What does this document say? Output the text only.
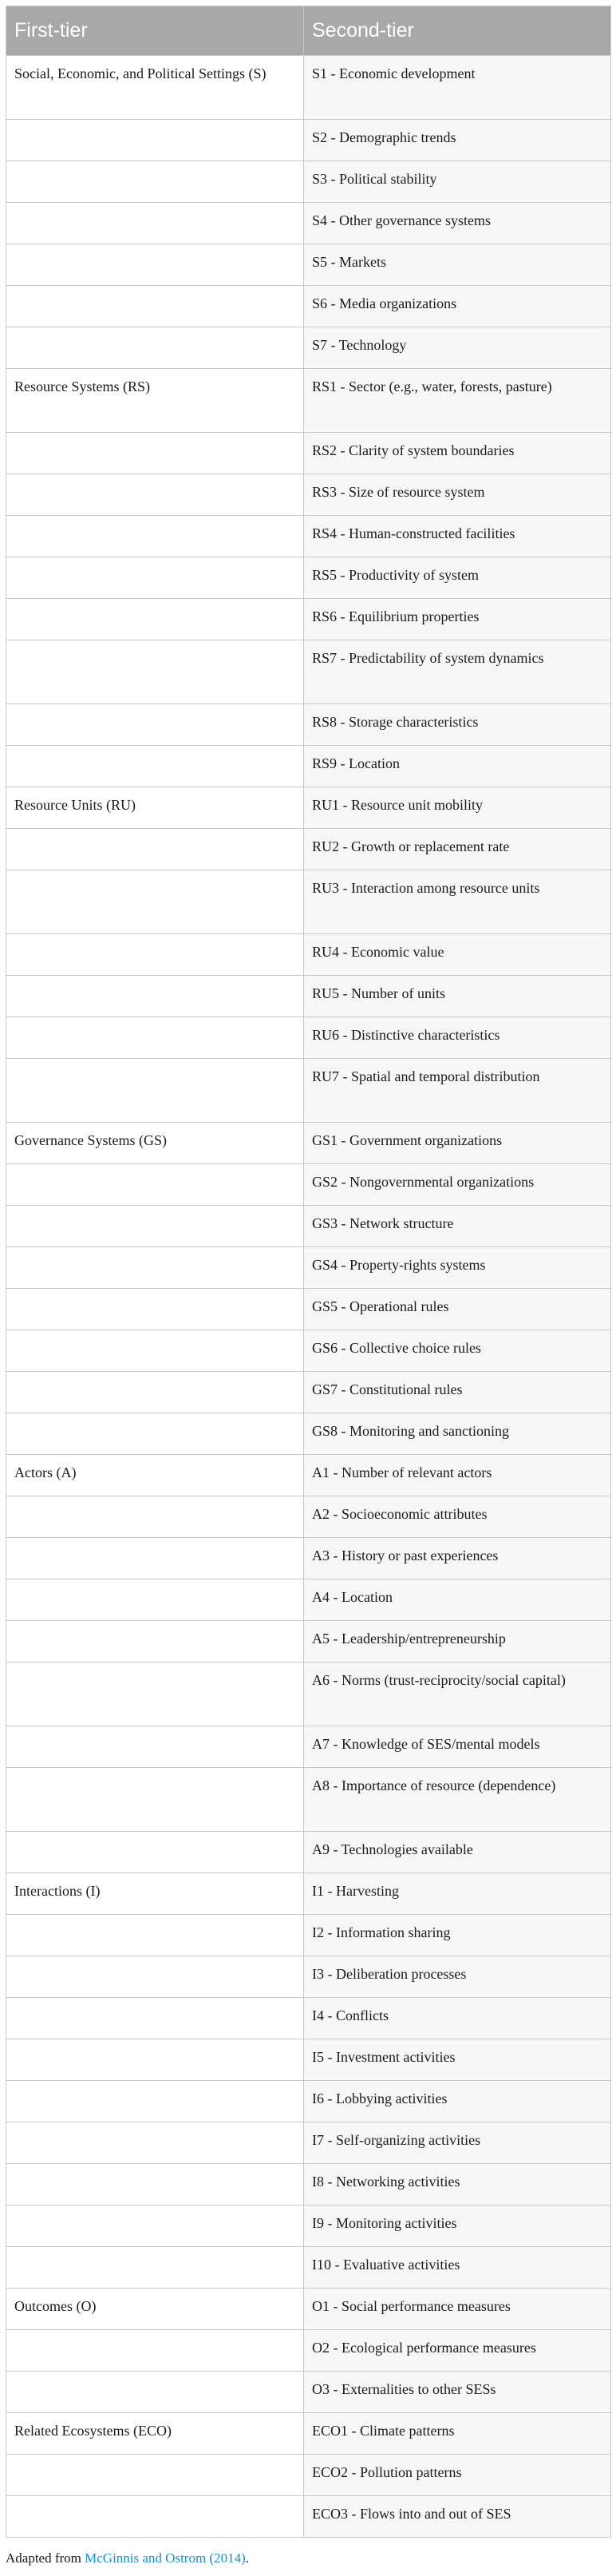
First-tier	Second-tier
Social, Economic, and Political Settings (S)	S1 - Economic development
	S2 - Demographic trends
	S3 - Political stability
	S4 - Other governance systems
	S5 - Markets
	S6 - Media organizations
	S7 - Technology
Resource Systems (RS)	RS1 - Sector (e.g., water, forests, pasture)
	RS2 - Clarity of system boundaries
	RS3 - Size of resource system
	RS4 - Human-constructed facilities
	RS5 - Productivity of system
	RS6 - Equilibrium properties
	RS7 - Predictability of system dynamics
	RS8 - Storage characteristics
	RS9 - Location
Resource Units (RU)	RU1 - Resource unit mobility
	RU2 - Growth or replacement rate
	RU3 - Interaction among resource units
	RU4 - Economic value
	RU5 - Number of units
	RU6 - Distinctive characteristics
	RU7 - Spatial and temporal distribution
Governance Systems (GS)	GS1 - Government organizations
	GS2 - Nongovernmental organizations
	GS3 - Network structure
	GS4 - Property-rights systems
	GS5 - Operational rules
	GS6 - Collective choice rules
	GS7 - Constitutional rules
	GS8 - Monitoring and sanctioning
Actors (A)	A1 - Number of relevant actors
	A2 - Socioeconomic attributes
	A3 - History or past experiences
	A4 - Location
	A5 - Leadership/entrepreneurship
	A6 - Norms (trust-reciprocity/social capital)
	A7 - Knowledge of SES/mental models
	A8 - Importance of resource (dependence)
	A9 - Technologies available
Interactions (I)	I1 - Harvesting
	I2 - Information sharing
	I3 - Deliberation processes
	I4 - Conflicts
	I5 - Investment activities
	I6 - Lobbying activities
	I7 - Self-organizing activities
	I8 - Networking activities
	I9 - Monitoring activities
	I10 - Evaluative activities
Outcomes (O)	O1 - Social performance measures
	O2 - Ecological performance measures
	O3 - Externalities to other SESs
Related Ecosystems (ECO)	ECO1 - Climate patterns
	ECO2 - Pollution patterns
	ECO3 - Flows into and out of SES
Adapted from McGinnis and Ostrom (2014).
